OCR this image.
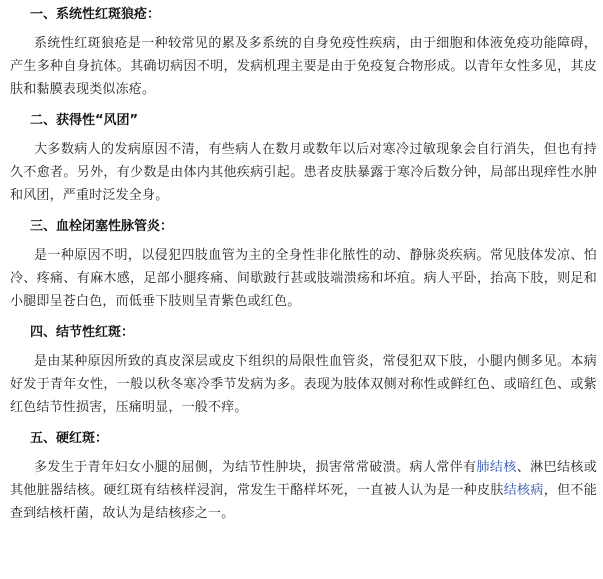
一、系统性红斑狼疮：

系统性红斑狼疮是一种较常见的累及多系统的自身免疫性疾病，由于细胞和体液免疫功能障碍，产生多种自身抗体。其确切病因不明，发病机理主要是由于免疫复合物形成。以青年女性多见，其皮肤和黏膜表现类似冻疮。

二、获得性“风团”

大多数病人的发病原因不清，有些病人在数月或数年以后对寒冷过敏现象会自行消失，但也有持久不愈者。另外，有少数是由体内其他疾病引起。患者皮肤暴露于寒冷后数分钟，局部出现痒性水肿和风团，严重时泛发全身。

三、血栓闭塞性脉管炎：

是一种原因不明，以侵犯四肢血管为主的全身性非化脓性的动、静脉炎疾病。常见肢体发凉、怕冷、疼痛、有麻木感，足部小腿疼痛、间歇跛行甚或肢端溃疡和坏疽。病人平卧，抬高下肢，则足和小腿即呈苍白色，而低垂下肢则呈青紫色或红色。

四、结节性红斑：

是由某种原因所致的真皮深层或皮下组织的局限性血管炎，常侵犯双下肢，小腿内侧多见。本病好发于青年女性，一般以秋冬寒冷季节发病为多。表现为肢体双侧对称性或鲜红色、或暗红色、或紫红色结节性损害，压痛明显，一般不痒。

五、硬红斑：

多发生于青年妇女小腿的屈侧，为结节性肿块，损害常常破溃。病人常伴有肺结核、淋巴结核或其他脏器结核。硬红斑有结核样浸润，常发生干酪样坏死，一直被人认为是一种皮肤结核病，但不能查到结核杆菌，故认为是结核疹之一。
